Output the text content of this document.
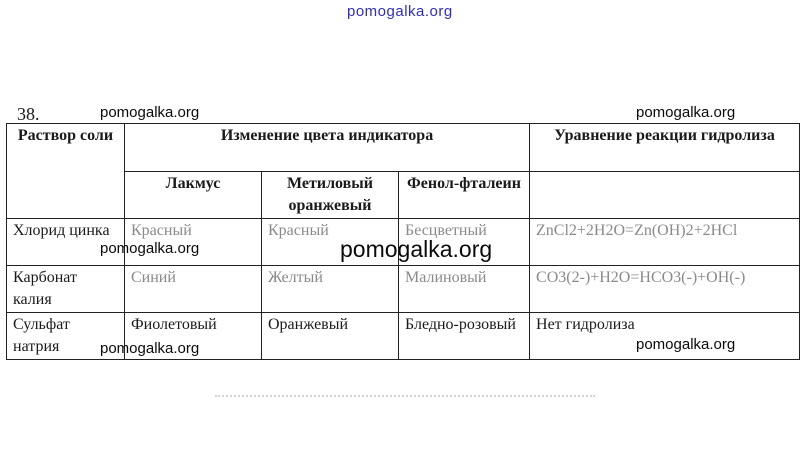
pomogalka.org
38.	pomogalka.org	pomogalka.org
Раствор соли	Изменение цвета индикатора			Уравнение реакции гидролиза
	Лакмус	Метиловый оранжевый	Фенол-фталеин	
Хлорид цинка	Красный	Красный	Бесцветный	ZnCl2+2H2O=Zn(OH)2+2HCl
Карбонат калия	Синий	Желтый	Малиновый	CO3(2-)+H2O=HCO3(-)+OH(-)
Сульфат натрия	Фиолетовый	Оранжевый	Бледно-розовый	Нет гидролиза
pomogalka.org	pomogalka.org
pomogalka.org	pomogalka.org
